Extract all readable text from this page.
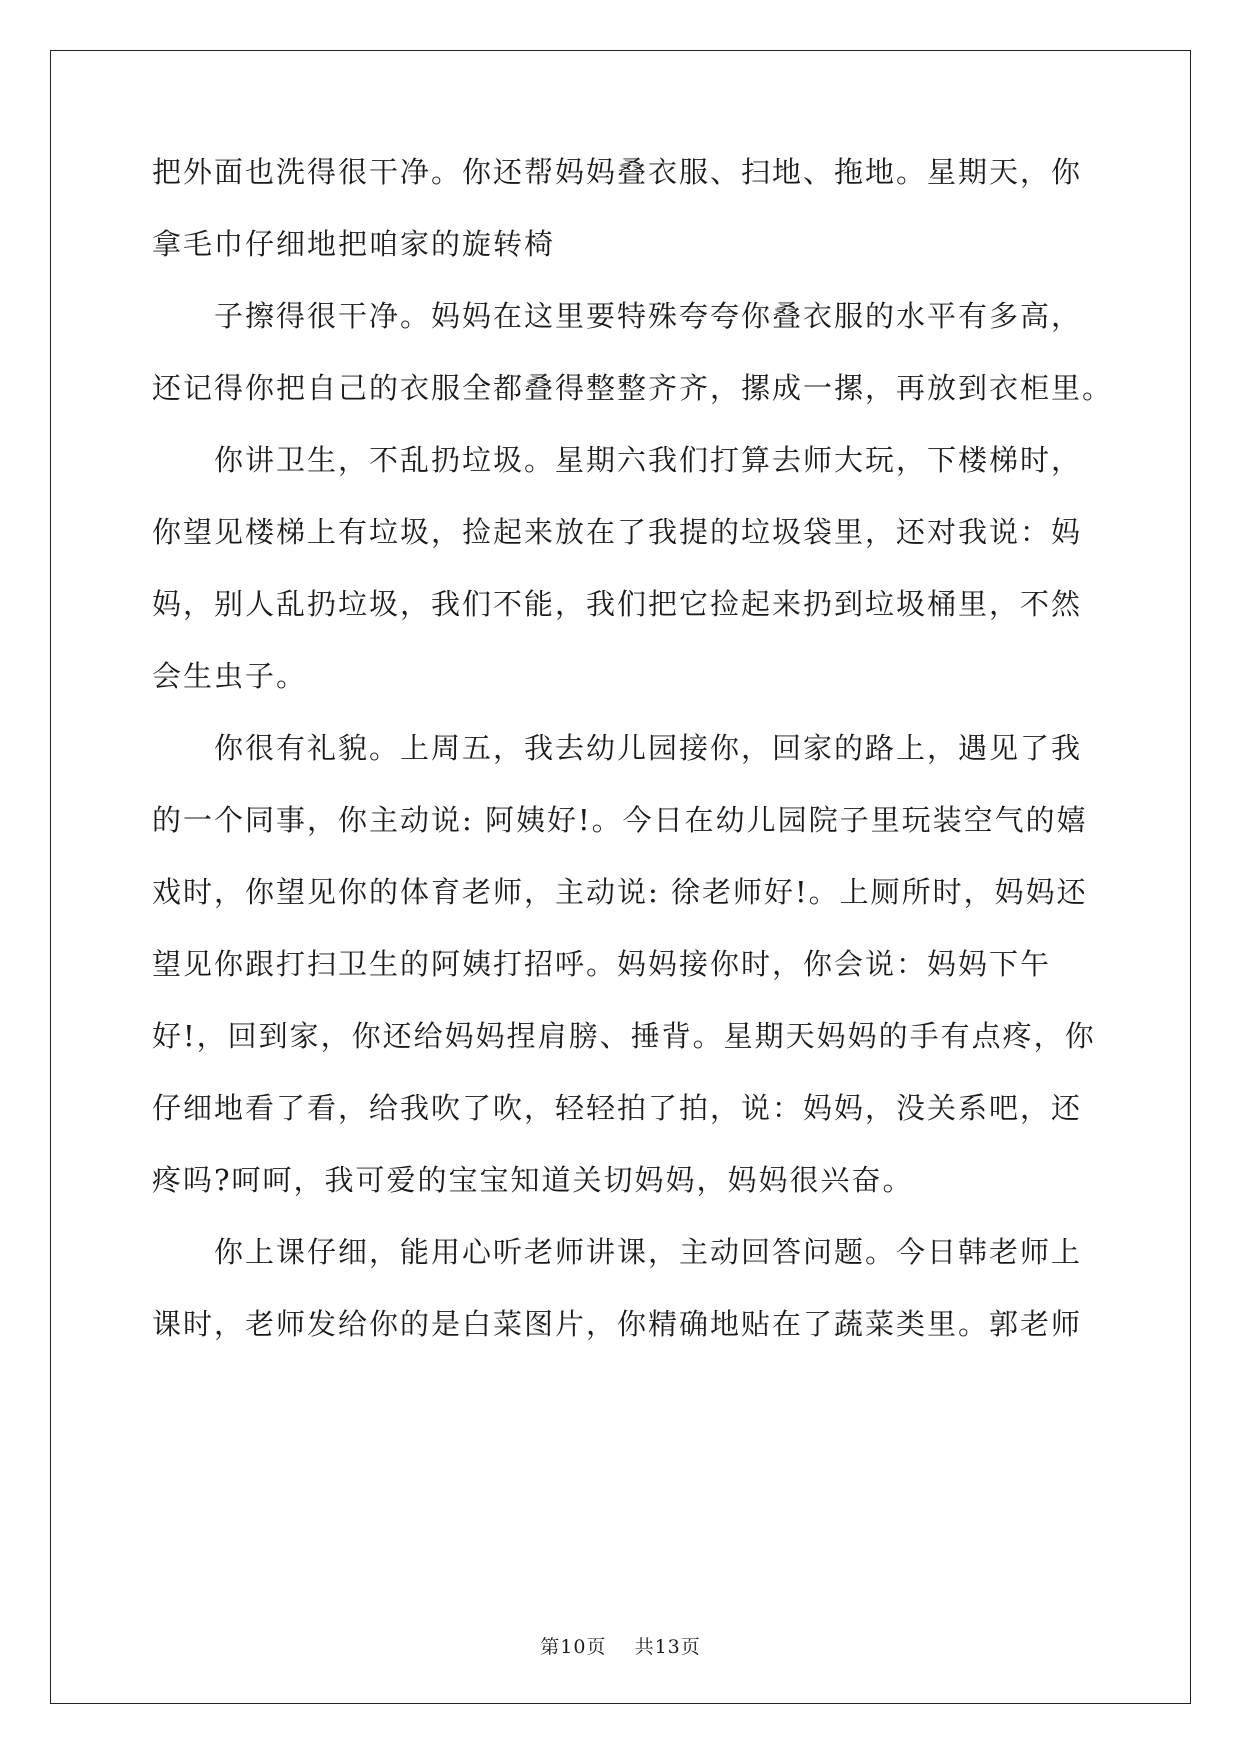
把外面也洗得很干净。你还帮妈妈叠衣服、扫地、拖地。星期天，你
拿毛巾仔细地把咱家的旋转椅
子擦得很干净。妈妈在这里要特殊夸夸你叠衣服的水平有多高，
还记得你把自己的衣服全都叠得整整齐齐，摞成一摞，再放到衣柜里。
你讲卫生，不乱扔垃圾。星期六我们打算去师大玩，下楼梯时，
你望见楼梯上有垃圾，捡起来放在了我提的垃圾袋里，还对我说：妈
妈，别人乱扔垃圾，我们不能，我们把它捡起来扔到垃圾桶里，不然
会生虫子。
你很有礼貌。上周五，我去幼儿园接你，回家的路上，遇见了我
的一个同事，你主动说: 阿姨好!。今日在幼儿园院子里玩装空气的嬉
戏时，你望见你的体育老师，主动说: 徐老师好!。上厕所时，妈妈还
望见你跟打扫卫生的阿姨打招呼。妈妈接你时，你会说：妈妈下午
好!，回到家，你还给妈妈捏肩膀、捶背。星期天妈妈的手有点疼，你
仔细地看了看，给我吹了吹，轻轻拍了拍，说：妈妈，没关系吧，还
疼吗?呵呵，我可爱的宝宝知道关切妈妈，妈妈很兴奋。
你上课仔细，能用心听老师讲课，主动回答问题。今日韩老师上
课时，老师发给你的是白菜图片，你精确地贴在了蔬菜类里。郭老师
第10页    共13页
